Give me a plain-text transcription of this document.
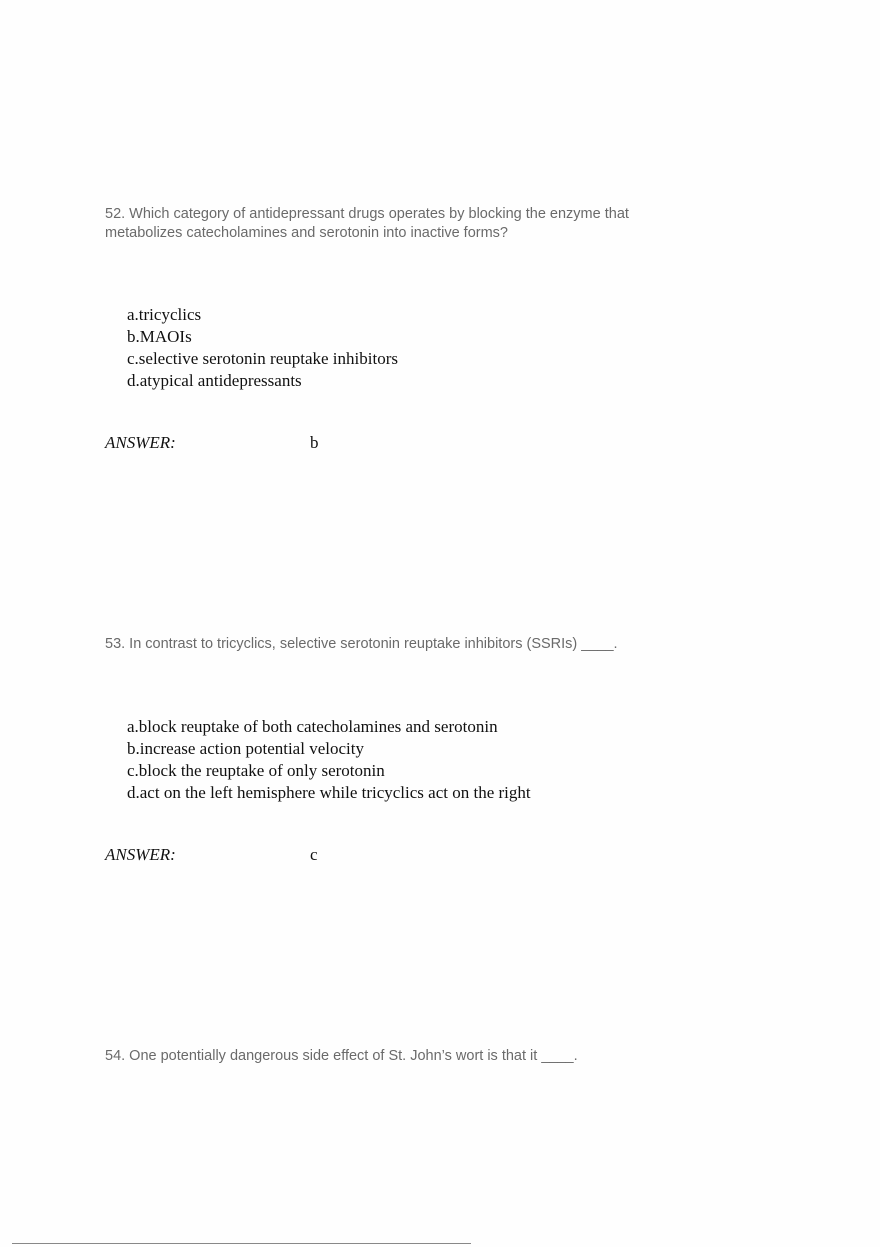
52. Which category of antidepressant drugs operates by blocking the enzyme that metabolizes catecholamines and serotonin into inactive forms?
a.tricyclics
b.MAOIs
c.selective serotonin reuptake inhibitors
d.atypical antidepressants
ANSWER:	b
53. In contrast to tricyclics, selective serotonin reuptake inhibitors (SSRIs) ____.
a.block reuptake of both catecholamines and serotonin
b.increase action potential velocity
c.block the reuptake of only serotonin
d.act on the left hemisphere while tricyclics act on the right
ANSWER:	c
54. One potentially dangerous side effect of St. John’s wort is that it ____.
